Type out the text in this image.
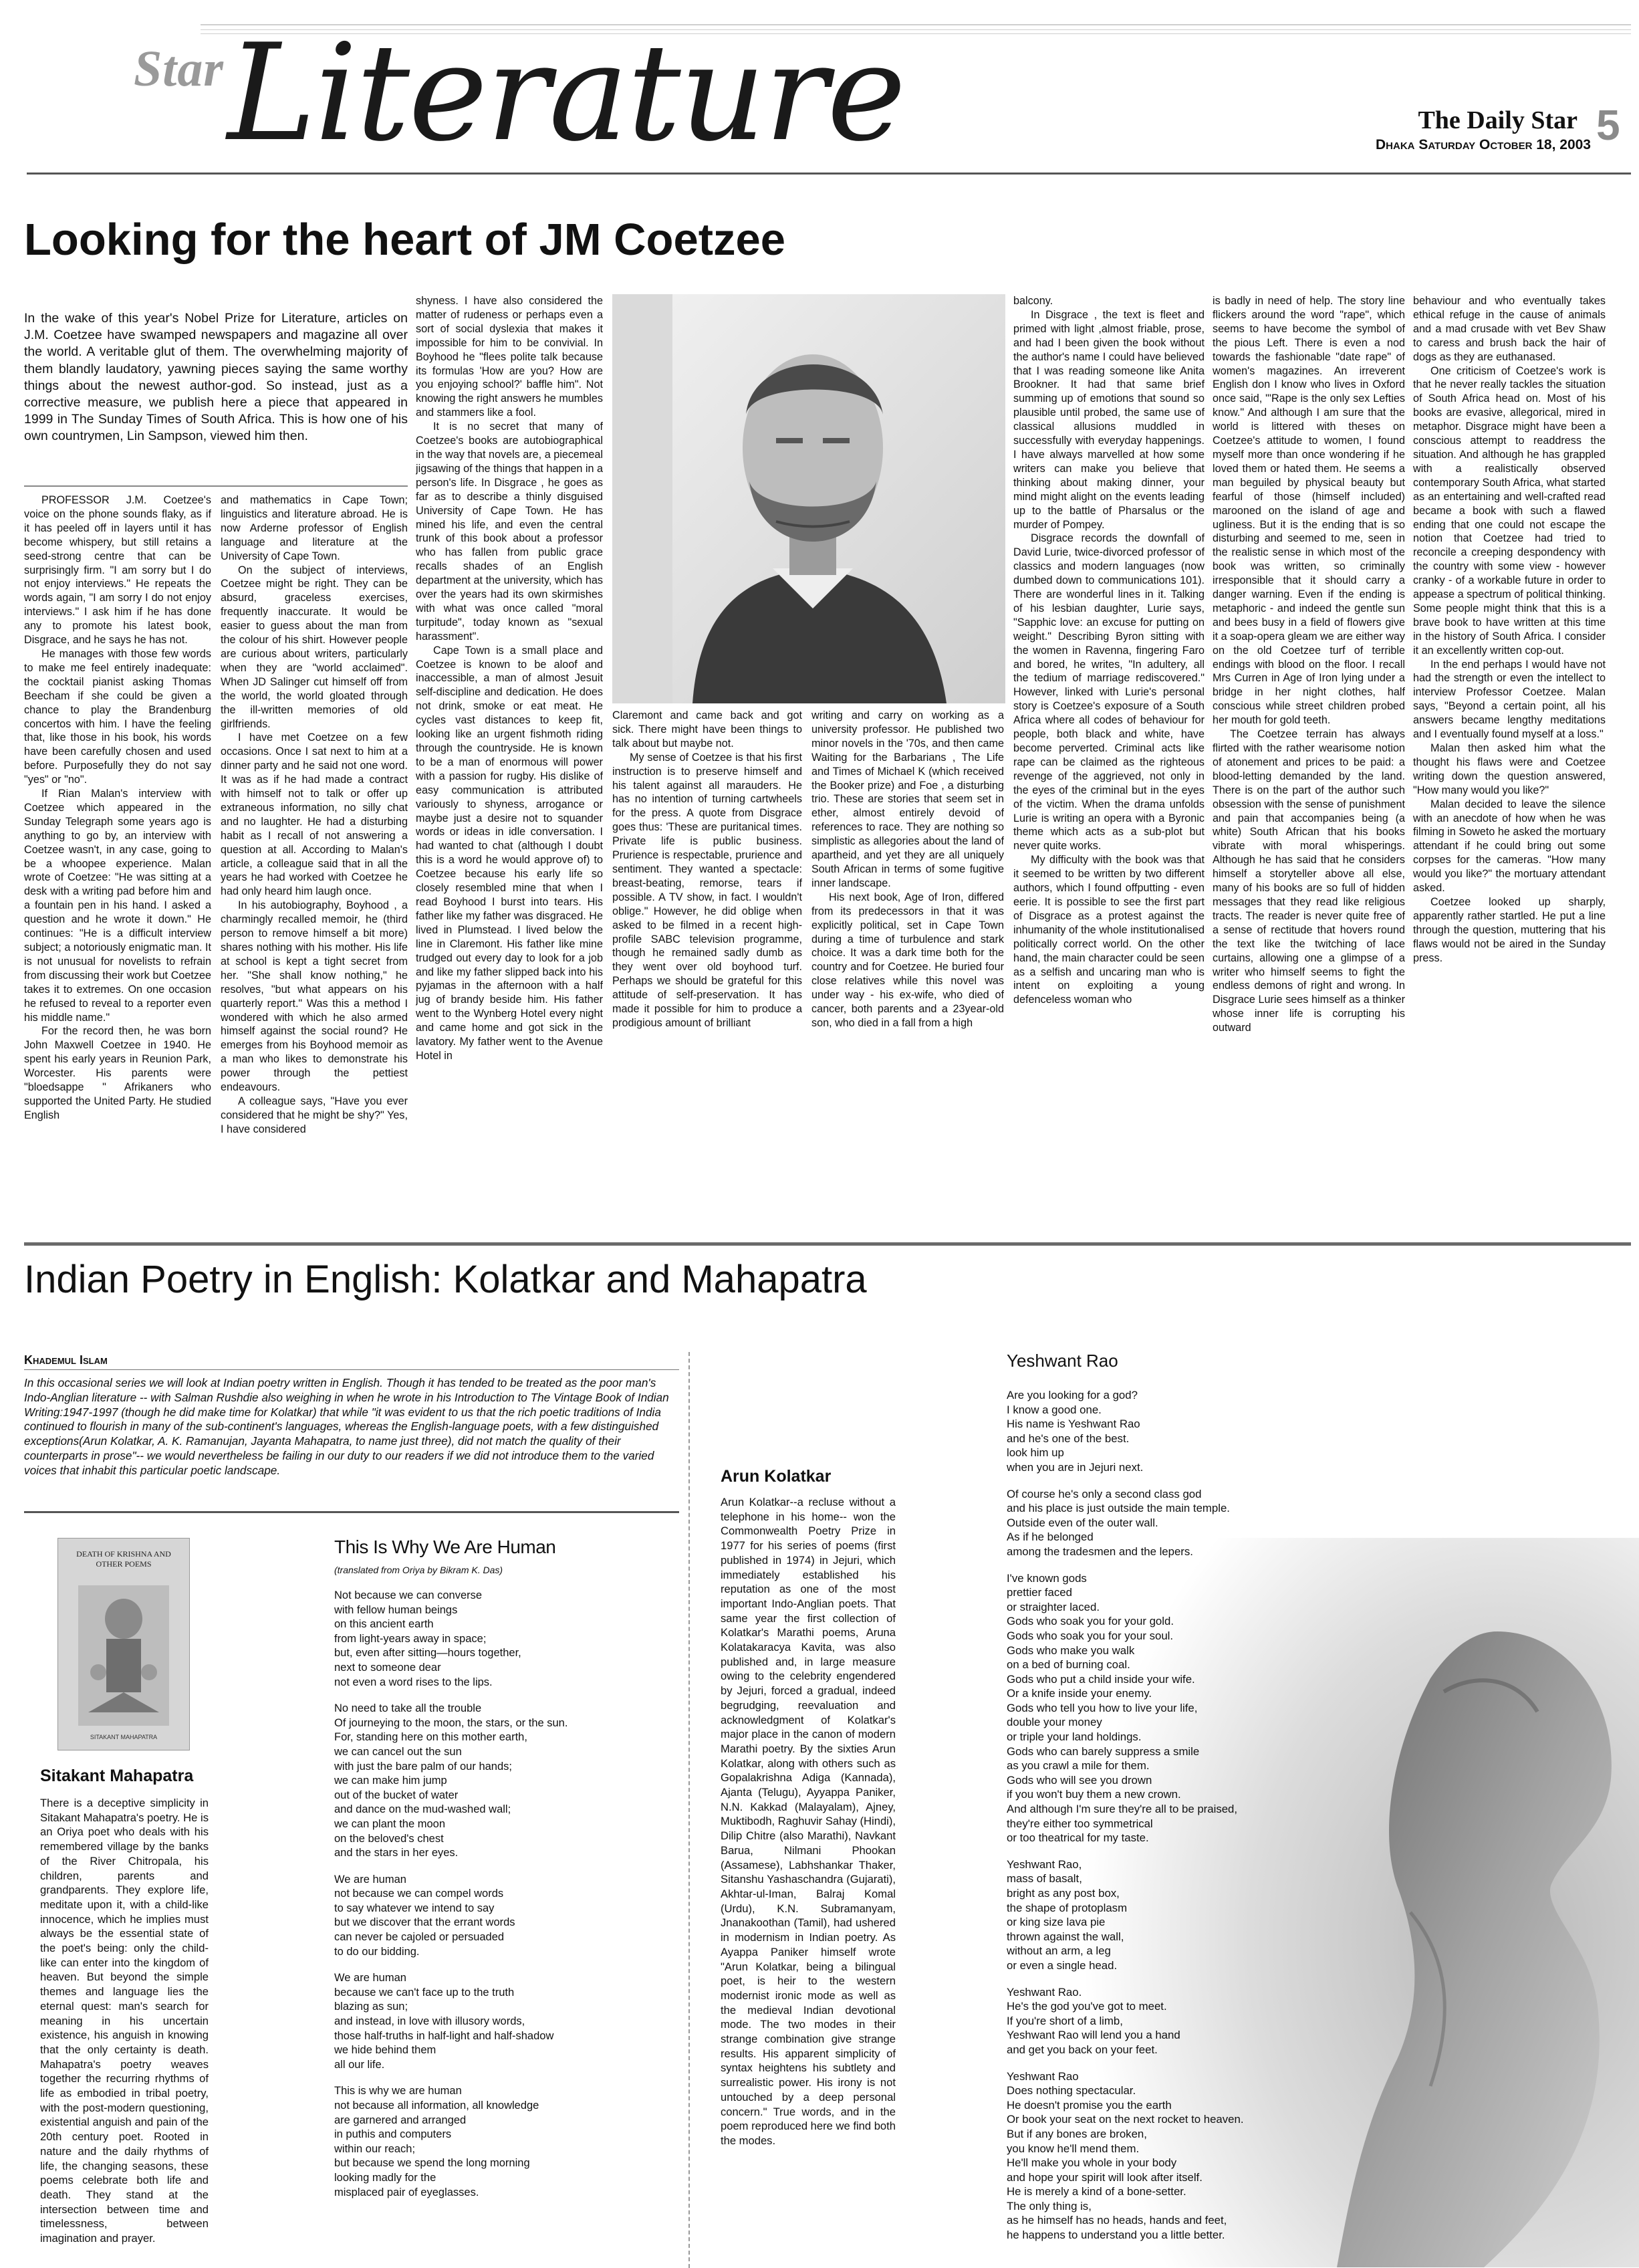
Star Literature	The Daily Star
Dhaka Saturday October 18, 2003 5
Looking for the heart of JM Coetzee
In the wake of this year's Nobel Prize for Literature, articles on J.M. Coetzee have swamped newspapers and magazine all over the world. A veritable glut of them. The overwhelming majority of them blandly laudatory, yawning pieces saying the same worthy things about the newest author-god. So instead, just as a corrective measure, we publish here a piece that appeared in 1999 in The Sunday Times of South Africa. This is how one of his own countrymen, Lin Sampson, viewed him then.

PROFESSOR J.M. Coetzee's voice on the phone sounds flaky, as if it has peeled off in layers until it has become whispery, but still retains a seed-strong centre that can be surprisingly firm. "I am sorry but I do not enjoy interviews." He repeats the words again, "I am sorry I do not enjoy interviews." I ask him if he has done any to promote his latest book, Disgrace, and he says he has not.

He manages with those few words to make me feel entirely inadequate: the cocktail pianist asking Thomas Beecham if she could be given a chance to play the Brandenburg concertos with him. I have the feeling that, like those in his book, his words have been carefully chosen and used before. Purposefully they do not say "yes" or "no".

If Rian Malan's interview with Coetzee which appeared in the Sunday Telegraph some years ago is anything to go by, an interview with Coetzee wasn't, in any case, going to be a whoopee experience. Malan wrote of Coetzee: "He was sitting at a desk with a writing pad before him and a fountain pen in his hand. I asked a question and he wrote it down." He continues: "He is a difficult interview subject; a notoriously enigmatic man. It is not unusual for novelists to refrain from discussing their work but Coetzee takes it to extremes. On one occasion he refused to reveal to a reporter even his middle name."

For the record then, he was born John Maxwell Coetzee in 1940. He spent his early years in Reunion Park, Worcester. His parents were "bloedsappe " Afrikaners who supported the United Party. He studied English

and mathematics in Cape Town; linguistics and literature abroad. He is now Arderne professor of English language and literature at the University of Cape Town.

On the subject of interviews, Coetzee might be right. They can be absurd, graceless exercises, frequently inaccurate. It would be easier to guess about the man from the colour of his shirt. However people are curious about writers, particularly when they are "world acclaimed". When JD Salinger cut himself off from the world, the world gloated through the ill-written memories of old girlfriends.

I have met Coetzee on a few occasions. Once I sat next to him at a dinner party and he said not one word. It was as if he had made a contract with himself not to talk or offer up extraneous information, no silly chat and no laughter. He had a disturbing habit as I recall of not answering a question at all. According to Malan's article, a colleague said that in all the years he had worked with Coetzee he had only heard him laugh once.

In his autobiography, Boyhood , a charmingly recalled memoir, he (third person to remove himself a bit more) shares nothing with his mother. His life at school is kept a tight secret from her. "She shall know nothing," he resolves, "but what appears on his quarterly report." Was this a method I wondered with which he also armed himself against the social round? He emerges from his Boyhood memoir as a man who likes to demonstrate his power through the pettiest endeavours.

A colleague says, "Have you ever considered that he might be shy?" Yes, I have considered

shyness. I have also considered the matter of rudeness or perhaps even a sort of social dyslexia that makes it impossible for him to be convivial. In Boyhood he "flees polite talk because its formulas 'How are you? How are you enjoying school?' baffle him". Not knowing the right answers he mumbles and stammers like a fool.

It is no secret that many of Coetzee's books are autobiographical in the way that novels are, a piecemeal jigsawing of the things that happen in a person's life. In Disgrace , he goes as far as to describe a thinly disguised University of Cape Town. He has mined his life, and even the central trunk of this book about a professor who has fallen from public grace recalls shades of an English department at the university, which has over the years had its own skirmishes with what was once called "moral turpitude", today known as "sexual harassment".

Cape Town is a small place and Coetzee is known to be aloof and inaccessible, a man of almost Jesuit self-discipline and dedication. He does not drink, smoke or eat meat. He cycles vast distances to keep fit, looking like an urgent fishmoth riding through the countryside. He is known to be a man of enormous will power with a passion for rugby. His dislike of easy communication is attributed variously to shyness, arrogance or maybe just a desire not to squander words or ideas in idle conversation. I had wanted to chat (although I doubt this is a word he would approve of) to Coetzee because his early life so closely resembled mine that when I read Boyhood I burst into tears. His father like my father was disgraced. He lived in Plumstead. I lived below the line in Claremont. His father like mine trudged out every day to look for a job and like my father slipped back into his pyjamas in the afternoon with a half jug of brandy beside him. His father went to the Wynberg Hotel every night and came home and got sick in the lavatory. My father went to the Avenue Hotel in

Claremont and came back and got sick. There might have been things to talk about but maybe not.

My sense of Coetzee is that his first instruction is to preserve himself and his talent against all marauders. He has no intention of turning cartwheels for the press. A quote from Disgrace goes thus: 'These are puritanical times. Private life is public business. Prurience is respectable, prurience and sentiment. They wanted a spectacle: breast-beating, remorse, tears if possible. A TV show, in fact. I wouldn't oblige." However, he did oblige when asked to be filmed in a recent high-profile SABC television programme, though he remained sadly dumb as they went over old boyhood turf. Perhaps we should be grateful for this attitude of self-preservation. It has made it possible for him to produce a prodigious amount of brilliant

writing and carry on working as a university professor. He published two minor novels in the '70s, and then came Waiting for the Barbarians , The Life and Times of Michael K (which received the Booker prize) and Foe , a disturbing trio. These are stories that seem set in ether, almost entirely devoid of references to race. They are nothing so simplistic as allegories about the land of apartheid, and yet they are all uniquely South African in terms of some fugitive inner landscape.

His next book, Age of Iron, differed from its predecessors in that it was explicitly political, set in Cape Town during a time of turbulence and stark choice. It was a dark time both for the country and for Coetzee. He buried four close relatives while this novel was under way - his ex-wife, who died of cancer, both parents and a 23year-old son, who died in a fall from a high

balcony.

In Disgrace , the text is fleet and primed with light ,almost friable, prose, and had I been given the book without the author's name I could have believed that I was reading someone like Anita Brookner. It had that same brief summing up of emotions that sound so plausible until probed, the same use of classical allusions muddled in successfully with everyday happenings. I have always marvelled at how some writers can make you believe that thinking about making dinner, your mind might alight on the events leading up to the battle of Pharsalus or the murder of Pompey.

Disgrace records the downfall of David Lurie, twice-divorced professor of classics and modern languages (now dumbed down to communications 101). There are wonderful lines in it. Talking of his lesbian daughter, Lurie says, "Sapphic love: an excuse for putting on weight." Describing Byron sitting with the women in Ravenna, fingering Faro and bored, he writes, "In adultery, all the tedium of marriage rediscovered." However, linked with Lurie's personal story is Coetzee's exposure of a South Africa where all codes of behaviour for people, both black and white, have become perverted. Criminal acts like rape can be claimed as the righteous revenge of the aggrieved, not only in the eyes of the criminal but in the eyes of the victim. When the drama unfolds Lurie is writing an opera with a Byronic theme which acts as a sub-plot but never quite works.

My difficulty with the book was that it seemed to be written by two different authors, which I found offputting - even eerie. It is possible to see the first part of Disgrace as a protest against the inhumanity of the whole institutionalised politically correct world. On the other hand, the main character could be seen as a selfish and uncaring man who is intent on exploiting a young defenceless woman who

is badly in need of help. The story line flickers around the word "rape", which seems to have become the symbol of the pious Left. There is even a nod towards the fashionable "date rape" of women's magazines. An irreverent English don I know who lives in Oxford once said, "'Rape is the only sex Lefties know." And although I am sure that the world is littered with theses on Coetzee's attitude to women, I found myself more than once wondering if he loved them or hated them. He seems a man beguiled by physical beauty but fearful of those (himself included) marooned on the island of age and ugliness. But it is the ending that is so disturbing and seemed to me, seen in the realistic sense in which most of the book was written, so criminally irresponsible that it should carry a danger warning. Even if the ending is metaphoric - and indeed the gentle sun and bees busy in a field of flowers give it a soap-opera gleam we are either way on the old Coetzee turf of terrible endings with blood on the floor. I recall Mrs Curren in Age of Iron lying under a bridge in her night clothes, half conscious while street children probed her mouth for gold teeth.

The Coetzee terrain has always flirted with the rather wearisome notion of atonement and prices to be paid: a blood-letting demanded by the land. There is on the part of the author such obsession with the sense of punishment and pain that accompanies being (a white) South African that his books vibrate with moral whisperings. Although he has said that he considers himself a storyteller above all else, many of his books are so full of hidden messages that they read like religious tracts. The reader is never quite free of a sense of rectitude that hovers round the text like the twitching of lace curtains, allowing one a glimpse of a writer who himself seems to fight the endless demons of right and wrong. In Disgrace Lurie sees himself as a thinker whose inner life is corrupting his outward

behaviour and who eventually takes ethical refuge in the cause of animals and a mad crusade with vet Bev Shaw to caress and brush back the hair of dogs as they are euthanased.

One criticism of Coetzee's work is that he never really tackles the situation of South Africa head on. Most of his books are evasive, allegorical, mired in metaphor. Disgrace might have been a conscious attempt to readdress the situation. And although he has grappled with a realistically observed contemporary South Africa, what started as an entertaining and well-crafted read became a book with such a flawed ending that one could not escape the notion that Coetzee had tried to reconcile a creeping despondency with the country with some view - however cranky - of a workable future in order to appease a spectrum of political thinking. Some people might think that this is a brave book to have written at this time in the history of South Africa. I consider it an excellently written cop-out.

In the end perhaps I would have not had the strength or even the intellect to interview Professor Coetzee. Malan says, "Beyond a certain point, all his answers became lengthy meditations and I eventually found myself at a loss."

Malan then asked him what the thought his flaws were and Coetzee writing down the question answered, "How many would you like?"

Malan decided to leave the silence with an anecdote of how when he was filming in Soweto he asked the mortuary attendant if he could bring out some corpses for the cameras. "How many would you like?" the mortuary attendant asked.

Coetzee looked up sharply, apparently rather startled. He put a line through the question, muttering that his flaws would not be aired in the Sunday press.

Indian Poetry in English: Kolatkar and Mahapatra
Khademul Islam
In this occasional series we will look at Indian poetry written in English. Though it has tended to be treated as the poor man's Indo-Anglian literature -- with Salman Rushdie also weighing in when he wrote in his Introduction to The Vintage Book of Indian Writing:1947-1997 (though he did make time for Kolatkar) that while "it was evident to us that the rich poetic traditions of India continued to flourish in many of the sub-continent's languages, whereas the English-language poets, with a few distinguished exceptions(Arun Kolatkar, A. K. Ramanujan, Jayanta Mahapatra, to name just three), did not match the quality of their counterparts in prose"-- we would nevertheless be failing in our duty to our readers if we did not introduce them to the varied voices that inhabit this particular poetic landscape.
DEATH OF KRISHNA AND OTHER POEMS
SITAKANT MAHAPATRA
Sitakant Mahapatra
There is a deceptive simplicity in Sitakant Mahapatra's poetry. He is an Oriya poet who deals with his remembered village by the banks of the River Chitropala, his children, parents and grandparents. They explore life, meditate upon it, with a child-like innocence, which he implies must always be the essential state of the poet's being: only the child-like can enter into the kingdom of heaven. But beyond the simple themes and language lies the eternal quest: man's search for meaning in his uncertain existence, his anguish in knowing that the only certainty is death. Mahapatra's poetry weaves together the recurring rhythms of life as embodied in tribal poetry, with the post-modern questioning, existential anguish and pain of the 20th century poet. Rooted in nature and the daily rhythms of life, the changing seasons, these poems celebrate both life and death. They stand at the intersection between time and timelessness, between imagination and prayer.
This Is Why We Are Human
(translated from Oriya by Bikram K. Das)

Not because we can converse
with fellow human beings
on this ancient earth
from light-years away in space;
but, even after sitting—hours together,
next to someone dear
not even a word rises to the lips.

No need to take all the trouble
Of journeying to the moon, the stars, or the sun.
For, standing here on this mother earth,
we can cancel out the sun
with just the bare palm of our hands;
we can make him jump
out of the bucket of water
and dance on the mud-washed wall;
we can plant the moon
on the beloved's chest
and the stars in her eyes.

We are human
not because we can compel words
to say whatever we intend to say
but we discover that the errant words
can never be cajoled or persuaded
to do our bidding.

We are human
because we can't face up to the truth
blazing as sun;
and instead, in love with illusory words,
those half-truths in half-light and half-shadow
we hide behind them
all our life.

This is why we are human
not because all information, all knowledge
are garnered and arranged
in puthis and computers
within our reach;
but because we spend the long morning
looking madly for the
misplaced pair of eyeglasses.

Arun Kolatkar
Arun Kolatkar--a recluse without a telephone in his home-- won the Commonwealth Poetry Prize in 1977 for his series of poems (first published in 1974) in Jejuri, which immediately established his reputation as one of the most important Indo-Anglian poets. That same year the first collection of Kolatkar's Marathi poems, Aruna Kolatakaracya Kavita, was also published and, in large measure owing to the celebrity engendered by Jejuri, forced a gradual, indeed begrudging, reevaluation and acknowledgment of Kolatkar's major place in the canon of modern Marathi poetry. By the sixties Arun Kolatkar, along with others such as Gopalakrishna Adiga (Kannada), Ajanta (Telugu), Ayyappa Paniker, N.N. Kakkad (Malayalam), Ajney, Muktibodh, Raghuvir Sahay (Hindi), Dilip Chitre (also Marathi), Navkant Barua, Nilmani Phookan (Assamese), Labhshankar Thaker, Sitanshu Yashaschandra (Gujarati), Akhtar-ul-Iman, Balraj Komal (Urdu), K.N. Subramanyam, Jnanakoothan (Tamil), had ushered in modernism in Indian poetry. As Ayappa Paniker himself wrote "Arun Kolatkar, being a bilingual poet, is heir to the western modernist ironic mode as well as the medieval Indian devotional mode. The two modes in their strange combination give strange results. His apparent simplicity of syntax heightens his subtlety and surrealistic power. His irony is not untouched by a deep personal concern." True words, and in the poem reproduced here we find both the modes.
Yeshwant Rao

Are you looking for a god?
I know a good one.
His name is Yeshwant Rao
and he's one of the best.
look him up
when you are in Jejuri next.

Of course he's only a second class god
and his place is just outside the main temple.
Outside even of the outer wall.
As if he belonged
among the tradesmen and the lepers.

I've known gods
prettier faced
or straighter laced.
Gods who soak you for your gold.
Gods who soak you for your soul.
Gods who make you walk
on a bed of burning coal.
Gods who put a child inside your wife.
Or a knife inside your enemy.
Gods who tell you how to live your life,
double your money
or triple your land holdings.
Gods who can barely suppress a smile
as you crawl a mile for them.
Gods who will see you drown
if you won't buy them a new crown.
And although I'm sure they're all to be praised,
they're either too symmetrical
or too theatrical for my taste.

Yeshwant Rao,
mass of basalt,
bright as any post box,
the shape of protoplasm
or king size lava pie
thrown against the wall,
without an arm, a leg
or even a single head.

Yeshwant Rao.
He's the god you've got to meet.
If you're short of a limb,
Yeshwant Rao will lend you a hand
and get you back on your feet.

Yeshwant Rao
Does nothing spectacular.
He doesn't promise you the earth
Or book your seat on the next rocket to heaven.
But if any bones are broken,
you know he'll mend them.
He'll make you whole in your body
and hope your spirit will look after itself.
He is merely a kind of a bone-setter.
The only thing is,
as he himself has no heads, hands and feet,
he happens to understand you a little better.
